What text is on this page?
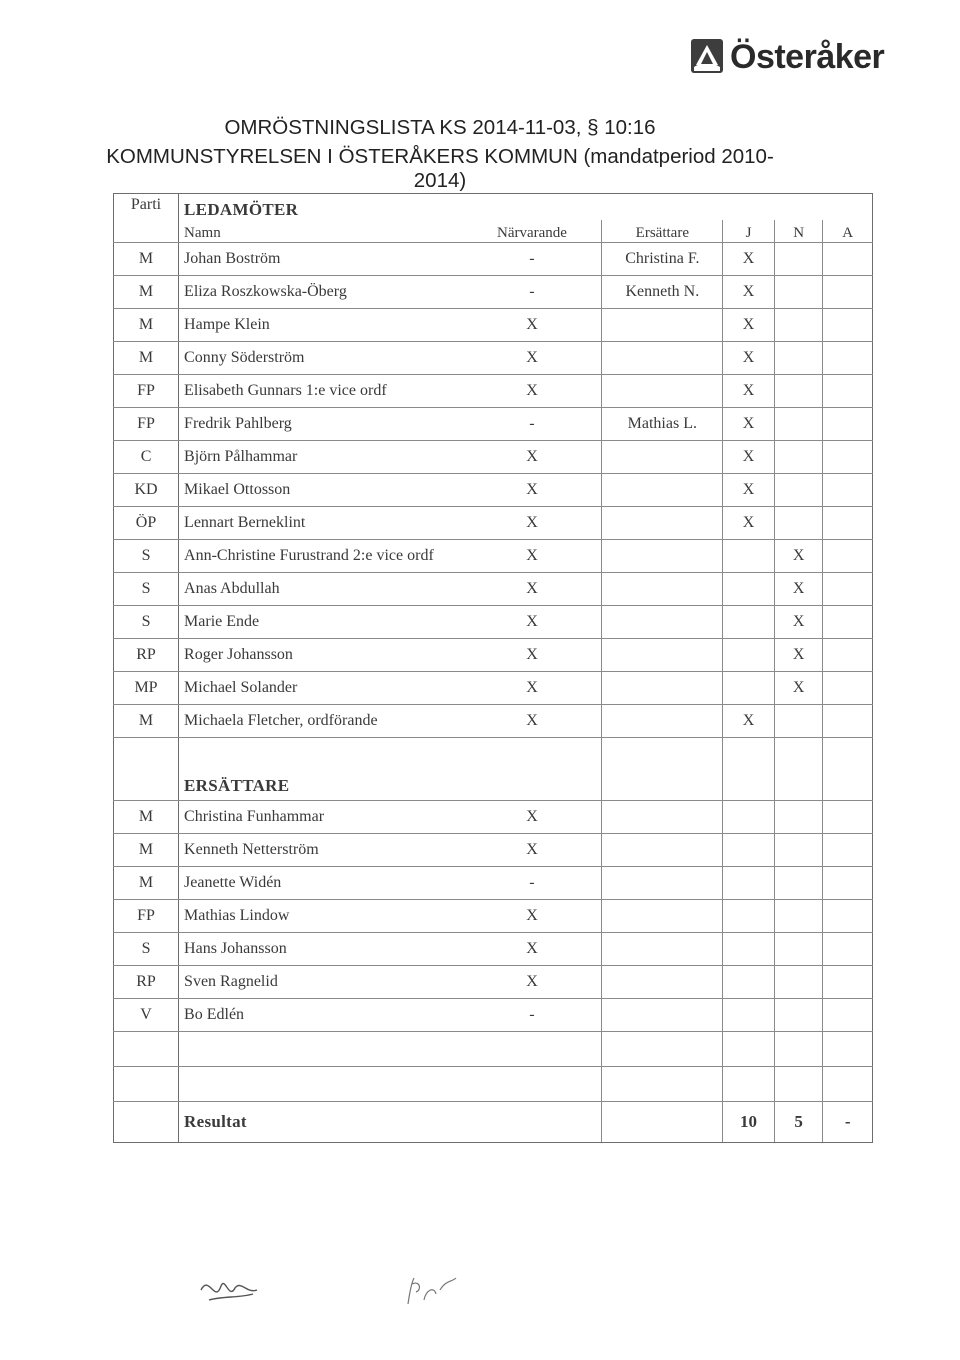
Österåker
OMRÖSTNINGSLISTA KS 2014-11-03, § 10:16
KOMMUNSTYRELSEN I ÖSTERÅKERS KOMMUN (mandatperiod 2010-2014)
Parti	LEDAMÖTER					
	Namn	Närvarande	Ersättare	J	N	A
M	Johan Boström	-	Christina F.	X		
M	Eliza Roszkowska-Öberg	-	Kenneth N.	X		
M	Hampe Klein	X		X		
M	Conny Söderström	X		X		
FP	Elisabeth Gunnars 1:e vice ordf	X		X		
FP	Fredrik Pahlberg	-	Mathias L.	X		
C	Björn Pålhammar	X		X		
KD	Mikael Ottosson	X		X		
ÖP	Lennart Berneklint	X		X		
S	Ann-Christine Furustrand 2:e vice ordf	X			X	
S	Anas Abdullah	X			X	
S	Marie Ende	X			X	
RP	Roger Johansson	X			X	
MP	Michael Solander	X			X	
M	Michaela Fletcher, ordförande	X		X		
	ERSÄTTARE					
M	Christina Funhammar	X				
M	Kenneth Netterström	X				
M	Jeanette Widén	-				
FP	Mathias Lindow	X				
S	Hans Johansson	X				
RP	Sven Ragnelid	X				
V	Bo Edlén	-				

	Resultat			10	5	-
